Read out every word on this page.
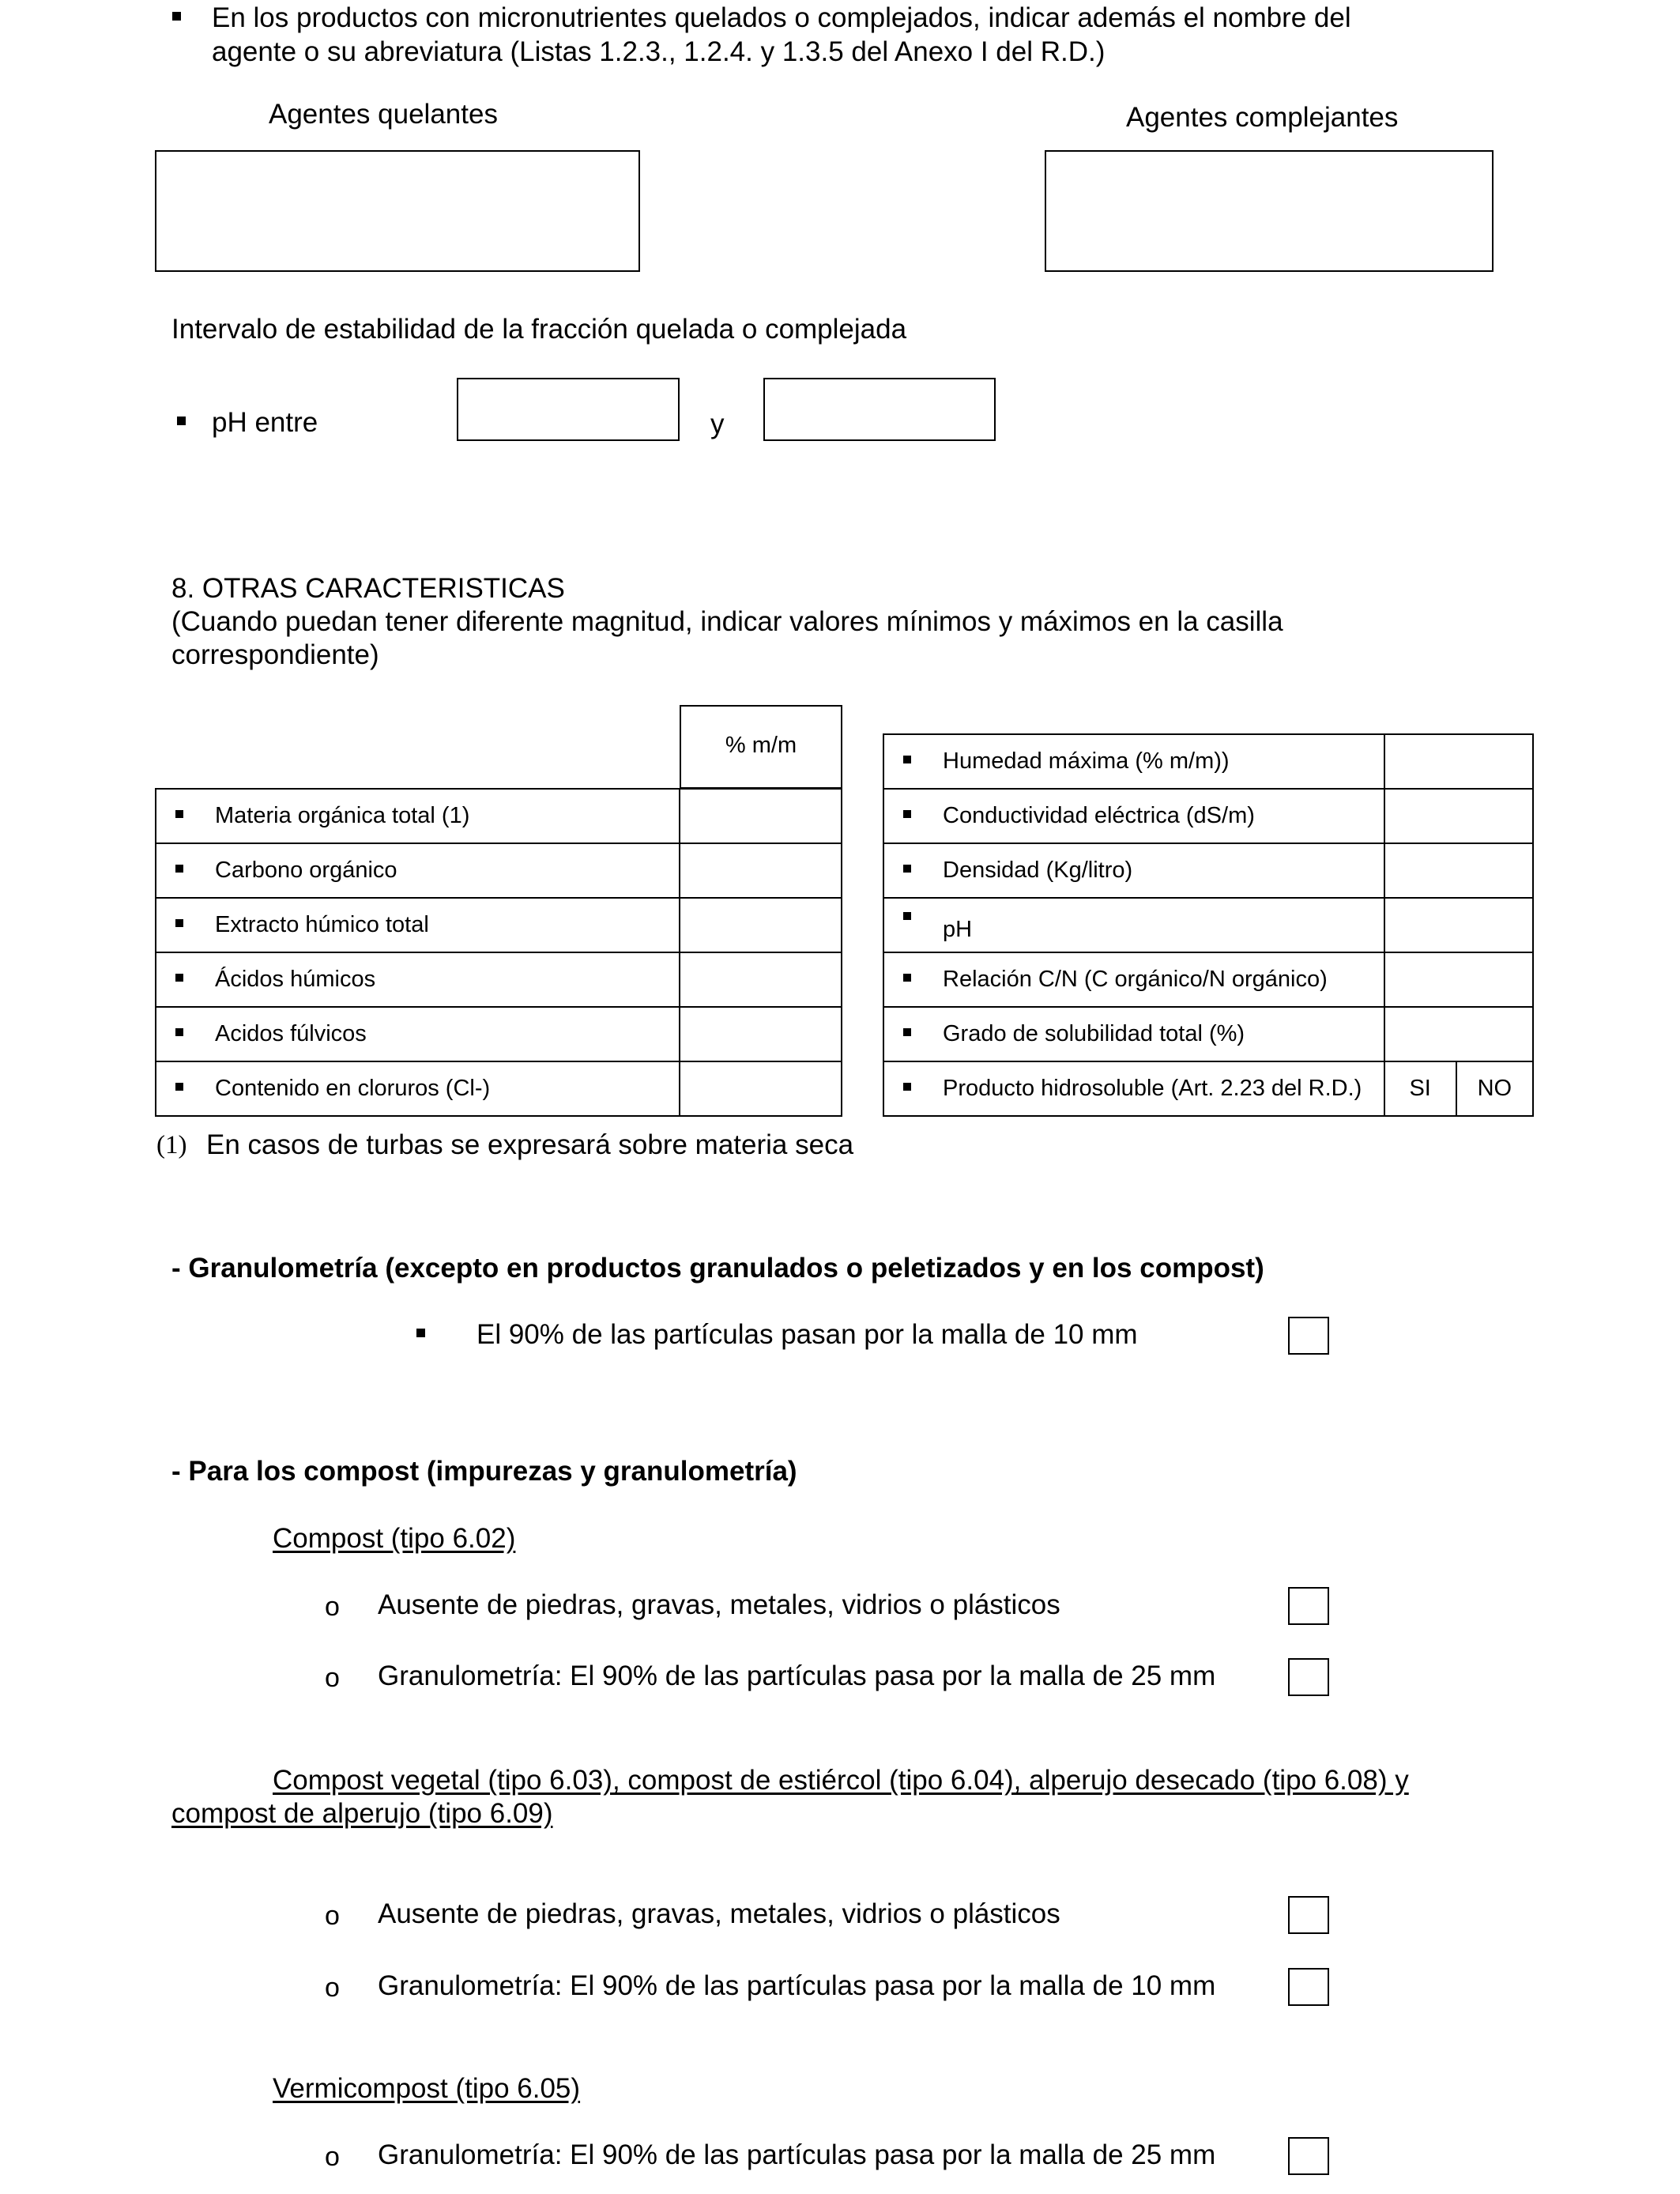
En los productos con micronutrientes quelados o complejados, indicar además el nombre del
agente o su abreviatura (Listas 1.2.3., 1.2.4. y 1.3.5 del Anexo I del R.D.)
Agentes quelantes	Agentes complejantes
Intervalo de estabilidad de la fracción quelada o complejada
pH entre	y
8. OTRAS CARACTERISTICAS
(Cuando puedan tener diferente magnitud, indicar valores mínimos y máximos en la casilla
correspondiente)
% m/m
Materia orgánica total (1)	
Carbono orgánico	
Extracto húmico total	
Ácidos húmicos	
Acidos fúlvicos	
Contenido en cloruros (Cl-)	
Humedad máxima (% m/m))		
Conductividad eléctrica (dS/m)		
Densidad (Kg/litro)		
pH		
Relación C/N (C orgánico/N orgánico)		
Grado de solubilidad total (%)		
Producto hidrosoluble (Art. 2.23 del R.D.)	SI	NO
(1) En casos de turbas se expresará sobre materia seca
- Granulometría (excepto en productos granulados o peletizados y en los compost)
El 90% de las partículas pasan por la malla de 10 mm
- Para los compost (impurezas y granulometría)
Compost (tipo 6.02)
o Ausente de piedras, gravas, metales, vidrios o plásticos
o Granulometría: El 90% de las partículas pasa por la malla de 25 mm
Compost vegetal (tipo 6.03), compost de estiércol (tipo 6.04), alperujo desecado (tipo 6.08) y
compost de alperujo (tipo 6.09)
o Ausente de piedras, gravas, metales, vidrios o plásticos
o Granulometría: El 90% de las partículas pasa por la malla de 10 mm
Vermicompost (tipo 6.05)
o Granulometría: El 90% de las partículas pasa por la malla de 25 mm
